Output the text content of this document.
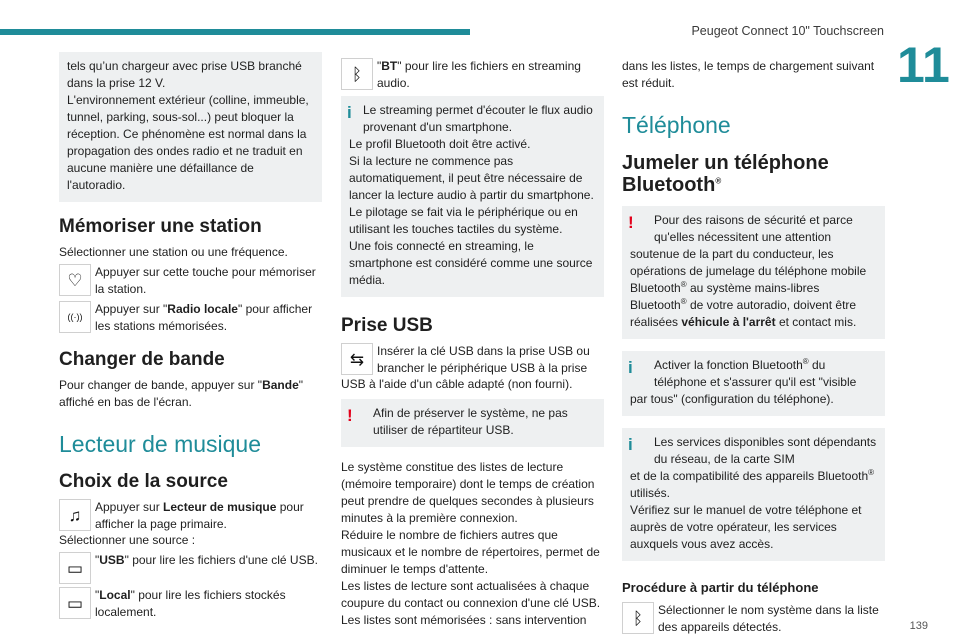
Peugeot Connect 10" Touchscreen
11
139

tels qu’un chargeur avec prise USB branché dans la prise 12 V.

L'environnement extérieur (colline, immeuble, tunnel, parking, sous-sol...) peut bloquer la réception. Ce phénomène est normal dans la propagation des ondes radio et ne traduit en aucune manière une défaillance de l'autoradio.

Mémoriser une station

Sélectionner une station ou une fréquence.

♡	Appuyer sur cette touche pour mémoriser la station.
((·))
Appuyer sur "Radio locale" pour afficher les stations mémorisées.
Changer de bande

Pour changer de bande, appuyer sur "Bande" affiché en bas de l'écran.

Lecteur de musique
Choix de la source
♫	Appuyer sur Lecteur de musique pour afficher la page primaire.

Sélectionner une source :

▭ "USB" pour lire les fichiers d'une clé USB.
▭ "Local" pour lire les fichiers stockés localement.
ᛒ	"BT" pour lire les fichiers en streaming audio.
i Le streaming permet d'écouter le flux audio provenant d'un smartphone.

Le profil Bluetooth doit être activé.

Si la lecture ne commence pas automatiquement, il peut être nécessaire de lancer la lecture audio à partir du smartphone.

Le pilotage se fait via le périphérique ou en utilisant les touches tactiles du système.

Une fois connecté en streaming, le smartphone est considéré comme une source média.

Prise USB
⇆	Insérer la clé USB dans la prise USB ou brancher le périphérique USB à la prise

USB à l'aide d'un câble adapté (non fourni).

!	Afin de préserver le système, ne pas utiliser de répartiteur USB.

Le système constitue des listes de lecture (mémoire temporaire) dont le temps de création peut prendre de quelques secondes à plusieurs minutes à la première connexion.

Réduire le nombre de fichiers autres que musicaux et le nombre de répertoires, permet de diminuer le temps d'attente.

Les listes de lecture sont actualisées à chaque coupure du contact ou connexion d'une clé USB. Les listes sont mémorisées : sans intervention

dans les listes, le temps de chargement suivant est réduit.

Téléphone
Jumeler un téléphone Bluetooth®
!	Pour des raisons de sécurité et parce qu'elles nécessitent une attention

soutenue de la part du conducteur, les opérations de jumelage du téléphone mobile Bluetooth® au système mains-libres Bluetooth® de votre autoradio, doivent être réalisées véhicule à l'arrêt et contact mis.

i	Activer la fonction Bluetooth® du téléphone et s'assurer qu'il est "visible

par tous" (configuration du téléphone).

i	Les services disponibles sont dépendants du réseau, de la carte SIM

et de la compatibilité des appareils Bluetooth® utilisés.

Vérifiez sur le manuel de votre téléphone et auprès de votre opérateur, les services auxquels vous avez accès.

Procédure à partir du téléphone
ᛒ	Sélectionner le nom système dans la liste des appareils détectés.
